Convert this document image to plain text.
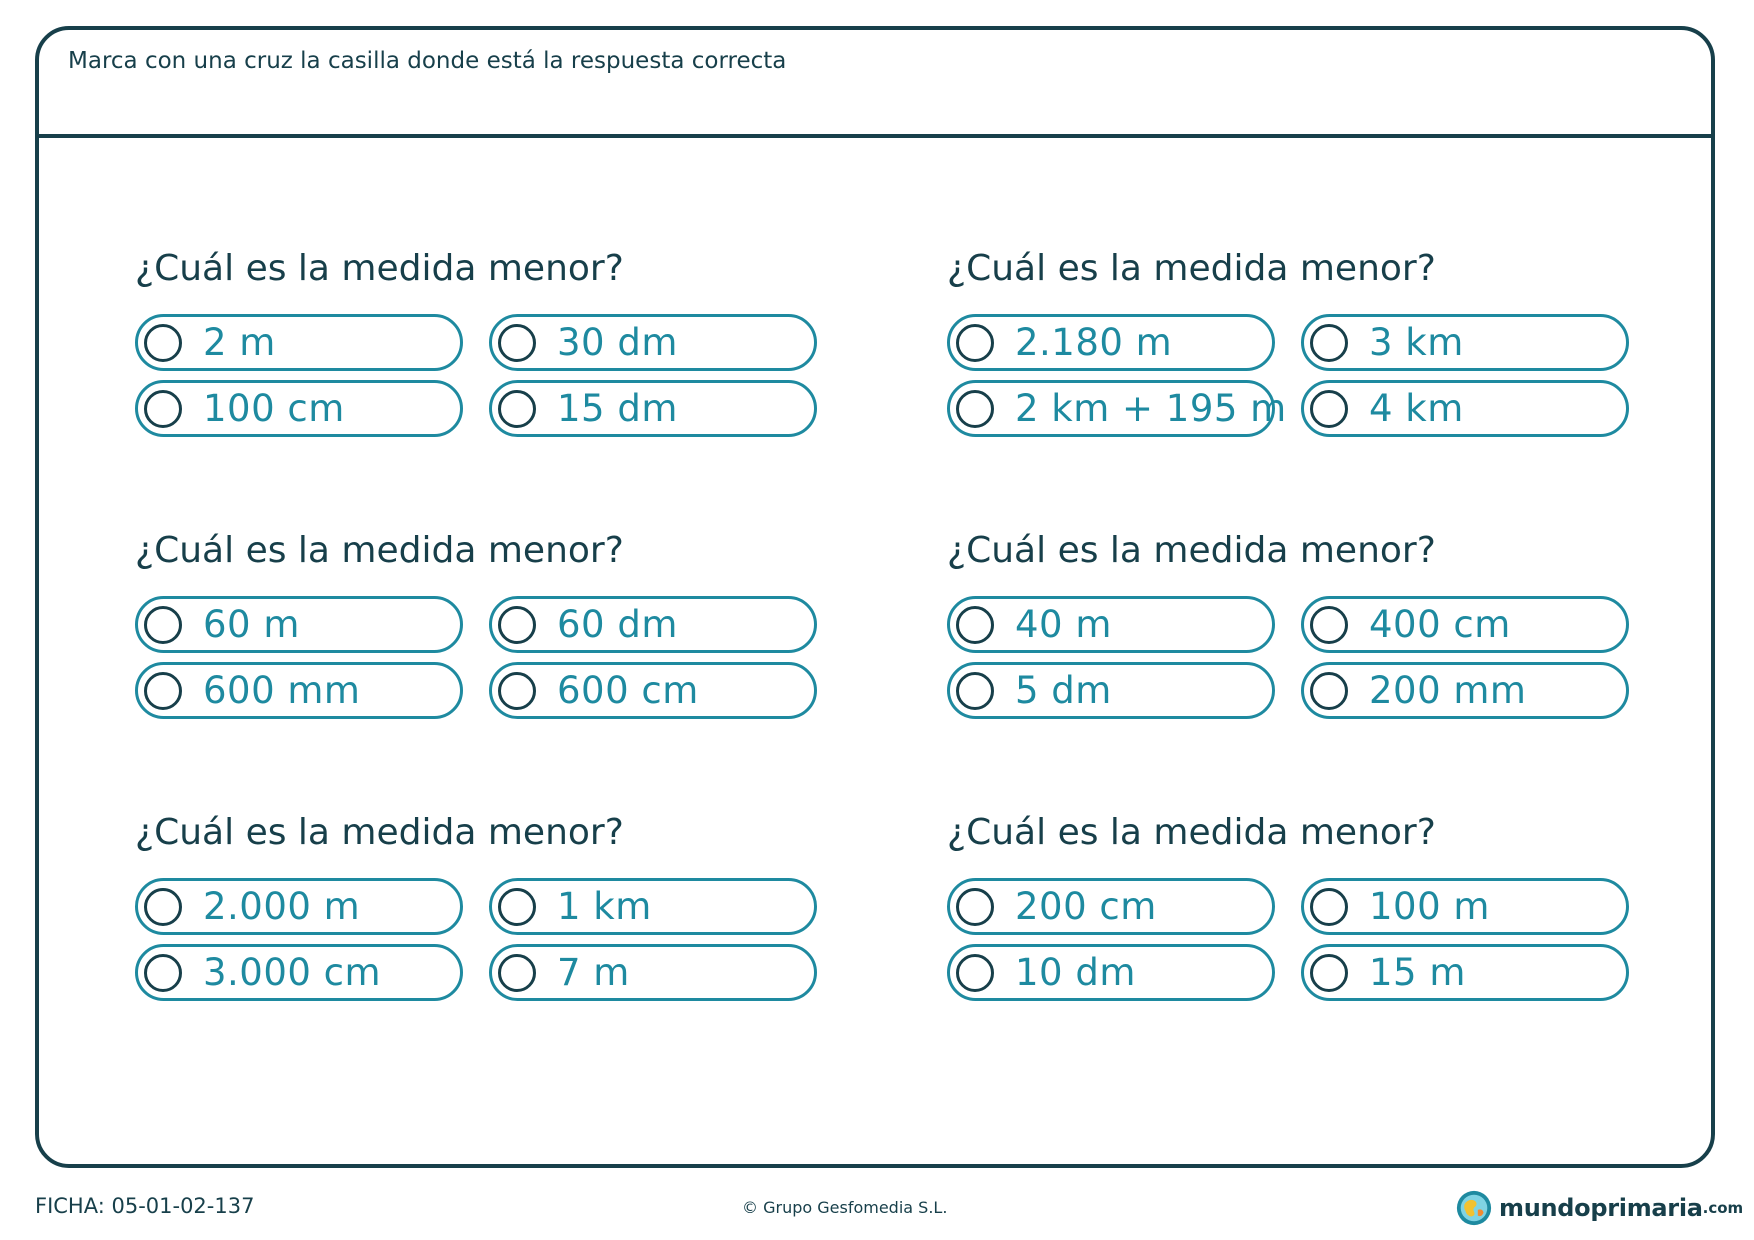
Marca con una cruz la casilla donde está la respuesta correcta
¿Cuál es la medida menor?
2 m	30 dm
100 cm	15 dm
¿Cuál es la medida menor?
2.180 m	3 km
2 km + 195 m 4 km
¿Cuál es la medida menor?
60 m	60 dm
600 mm	600 cm
¿Cuál es la medida menor?
40 m	400 cm
5 dm	200 mm
¿Cuál es la medida menor?
2.000 m	1 km
3.000 cm	7 m
¿Cuál es la medida menor?
200 cm	100 m
10 dm	15 m
FICHA: 05-01-02-137	© Grupo Gesfomedia S.L.	mundoprimaria .com
